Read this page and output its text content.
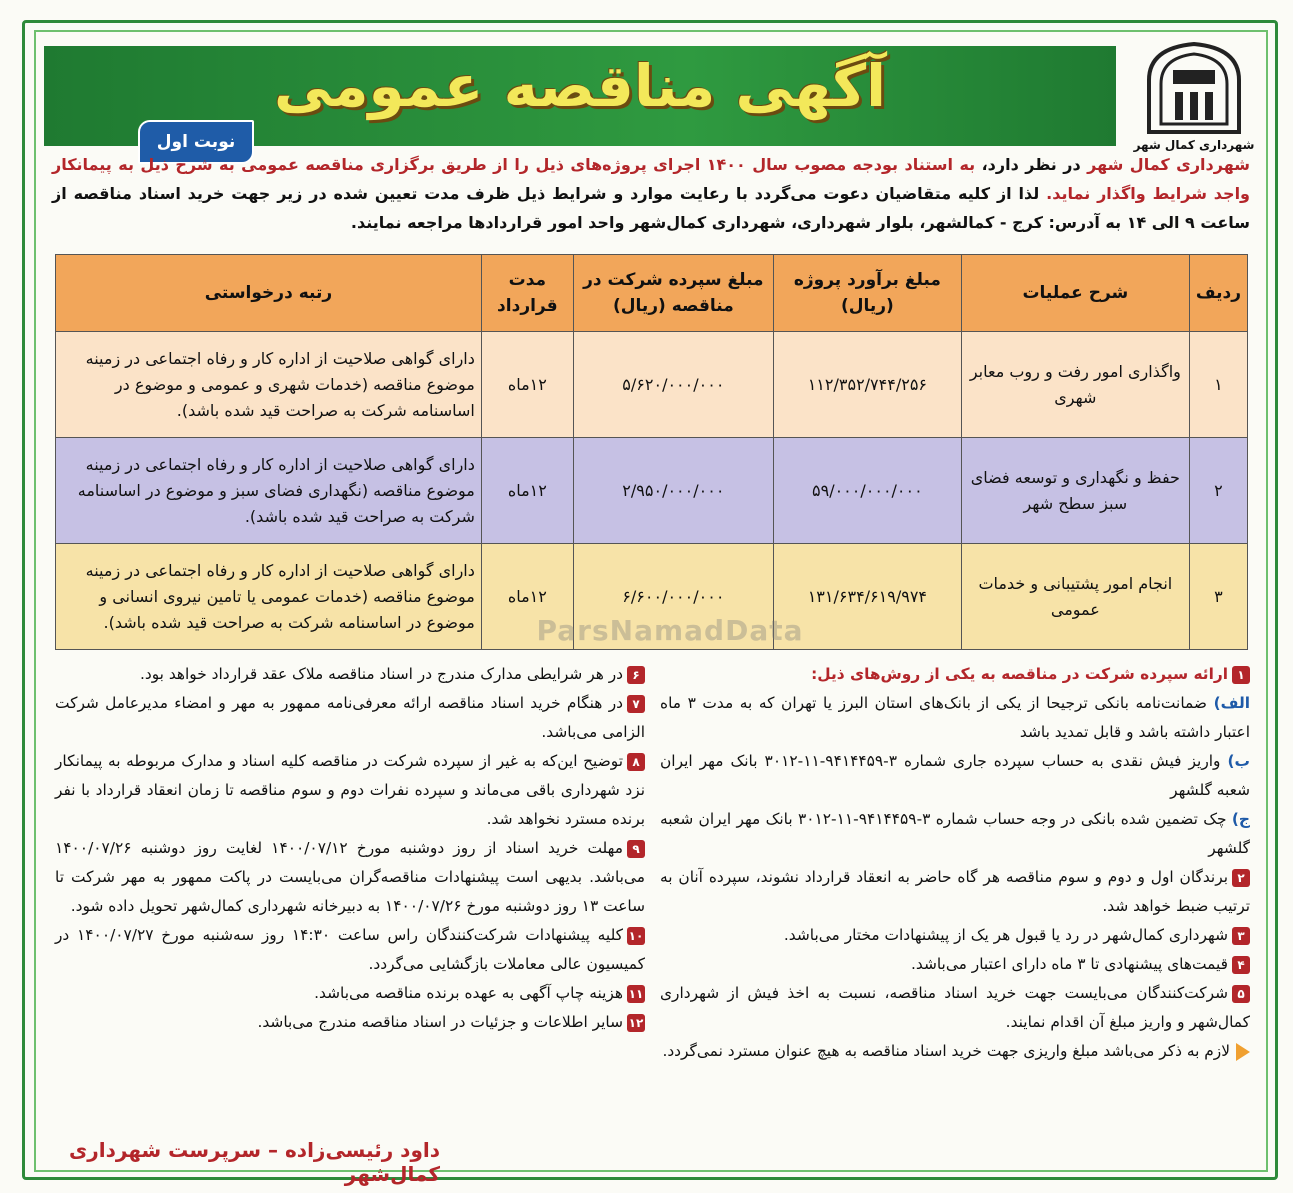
آگهی مناقصه عمومی
نوبت اول	شهرداری کمال شهر
شهرداری کمال شهر در نظر دارد، به استناد بودجه مصوب سال ۱۴۰۰ اجرای پروژه‌های ذیل را از طریق برگزاری مناقصه عمومی به شرح ذیل به پیمانکار واجد شرایط واگذار نماید. لذا از کلیه متقاضیان دعوت می‌گردد با رعایت موارد و شرایط ذیل ظرف مدت تعیین شده در زیر جهت خرید اسناد مناقصه از ساعت ۹ الی ۱۴ به آدرس: کرج - کمالشهر، بلوار شهرداری، شهرداری کمال‌شهر واحد امور قراردادها مراجعه نمایند.
ردیف	شرح عملیات	مبلغ برآورد پروژه (ریال)	مبلغ سپرده شرکت در مناقصه (ریال)	مدت قرارداد	رتبه درخواستی
۱	واگذاری امور رفت و روب معابر شهری	۱۱۲/۳۵۲/۷۴۴/۲۵۶	۵/۶۲۰/۰۰۰/۰۰۰	۱۲ماه	دارای گواهی صلاحیت از اداره کار و رفاه اجتماعی در زمینه موضوع مناقصه (خدمات شهری و عمومی و موضوع در اساسنامه شرکت به صراحت قید شده باشد).
۲	حفظ و نگهداری و توسعه فضای سبز سطح شهر	۵۹/۰۰۰/۰۰۰/۰۰۰	۲/۹۵۰/۰۰۰/۰۰۰	۱۲ماه	دارای گواهی صلاحیت از اداره کار و رفاه اجتماعی در زمینه موضوع مناقصه (نگهداری فضای سبز و موضوع در اساسنامه شرکت به صراحت قید شده باشد).
۳	انجام امور پشتیبانی و خدمات عمومی	۱۳۱/۶۳۴/۶۱۹/۹۷۴	۶/۶۰۰/۰۰۰/۰۰۰	۱۲ماه	دارای گواهی صلاحیت از اداره کار و رفاه اجتماعی در زمینه موضوع مناقصه (خدمات عمومی یا تامین نیروی انسانی و موضوع در اساسنامه شرکت به صراحت قید شده باشد).	ParsNamadData

۱ارائه سپرده شرکت در مناقصه به یکی از روش‌های ذیل:

الف) ضمانت‌نامه بانکی ترجیحا از یکی از بانک‌های استان البرز یا تهران که به مدت ۳ ماه اعتبار داشته باشد و قابل تمدید باشد

ب) واریز فیش نقدی به حساب سپرده جاری شماره ۳-۹۴۱۴۴۵۹-۱۱-۳۰۱۲ بانک مهر ایران شعبه گلشهر

ج) چک تضمین شده بانکی در وجه حساب شماره ۳-۹۴۱۴۴۵۹-۱۱-۳۰۱۲ بانک مهر ایران شعبه گلشهر

۲برندگان اول و دوم و سوم مناقصه هر گاه حاضر به انعقاد قرارداد نشوند، سپرده آنان به ترتیب ضبط خواهد شد.

۳شهرداری کمال‌شهر در رد یا قبول هر یک از پیشنهادات مختار می‌باشد.

۴قیمت‌های پیشنهادی تا ۳ ماه دارای اعتبار می‌باشد.

۵شرکت‌کنندگان می‌بایست جهت خرید اسناد مناقصه، نسبت به اخذ فیش از شهرداری کمال‌شهر و واریز مبلغ آن اقدام نمایند.

لازم به ذکر می‌باشد مبلغ واریزی جهت خرید اسناد مناقصه به هیچ عنوان مسترد نمی‌گردد.

۶در هر شرایطی مدارک مندرج در اسناد مناقصه ملاک عقد قرارداد خواهد بود.

۷در هنگام خرید اسناد مناقصه ارائه معرفی‌نامه ممهور به مهر و امضاء مدیرعامل شرکت الزامی می‌باشد.

۸توضیح این‌که به غیر از سپرده شرکت در مناقصه کلیه اسناد و مدارک مربوطه به پیمانکار نزد شهرداری باقی می‌ماند و سپرده نفرات دوم و سوم مناقصه تا زمان انعقاد قرارداد با نفر برنده مسترد نخواهد شد.

۹مهلت خرید اسناد از روز دوشنبه مورخ ۱۴۰۰/۰۷/۱۲ لغایت روز دوشنبه ۱۴۰۰/۰۷/۲۶ می‌باشد. بدیهی است پیشنهادات مناقصه‌گران می‌بایست در پاکت ممهور به مهر شرکت تا ساعت ۱۳ روز دوشنبه مورخ ۱۴۰۰/۰۷/۲۶ به دبیرخانه شهرداری کمال‌شهر تحویل داده شود.

۱۰کلیه پیشنهادات شرکت‌کنندگان راس ساعت ۱۴:۳۰ روز سه‌شنبه مورخ ۱۴۰۰/۰۷/۲۷ در کمیسیون عالی معاملات بازگشایی می‌گردد.

۱۱هزینه چاپ آگهی به عهده برنده مناقصه می‌باشد.

۱۲سایر اطلاعات و جزئیات در اسناد مناقصه مندرج می‌باشد.

داود رئیسی‌زاده – سرپرست شهرداری کمال‌شهر
